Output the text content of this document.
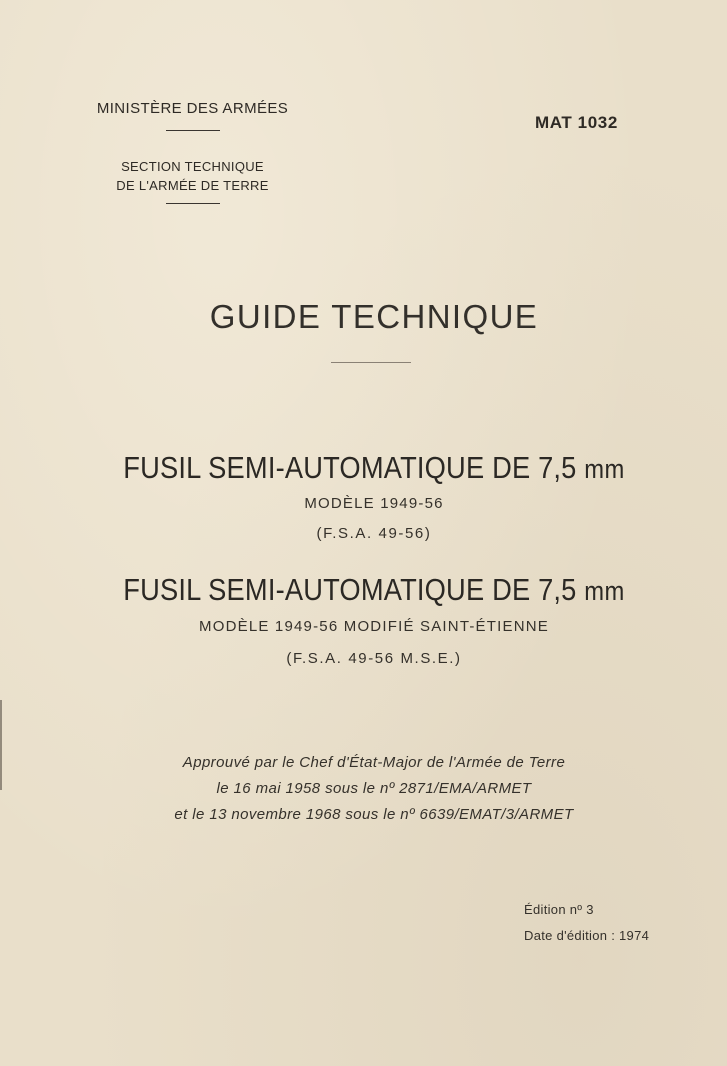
MINISTÈRE DES ARMÉES
SECTION TECHNIQUE
DE L'ARMÉE DE TERRE
MAT 1032
GUIDE TECHNIQUE
FUSIL SEMI-AUTOMATIQUE DE 7,5 mm
MODÈLE 1949-56
(F.S.A. 49-56)
FUSIL SEMI-AUTOMATIQUE DE 7,5 mm
MODÈLE 1949-56 MODIFIÉ SAINT-ÉTIENNE
(F.S.A. 49-56 M.S.E.)
Approuvé par le Chef d'État-Major de l'Armée de Terre
le 16 mai 1958 sous le nº 2871/EMA/ARMET
et le 13 novembre 1968 sous le nº 6639/EMAT/3/ARMET
Édition nº 3
Date d'édition : 1974
